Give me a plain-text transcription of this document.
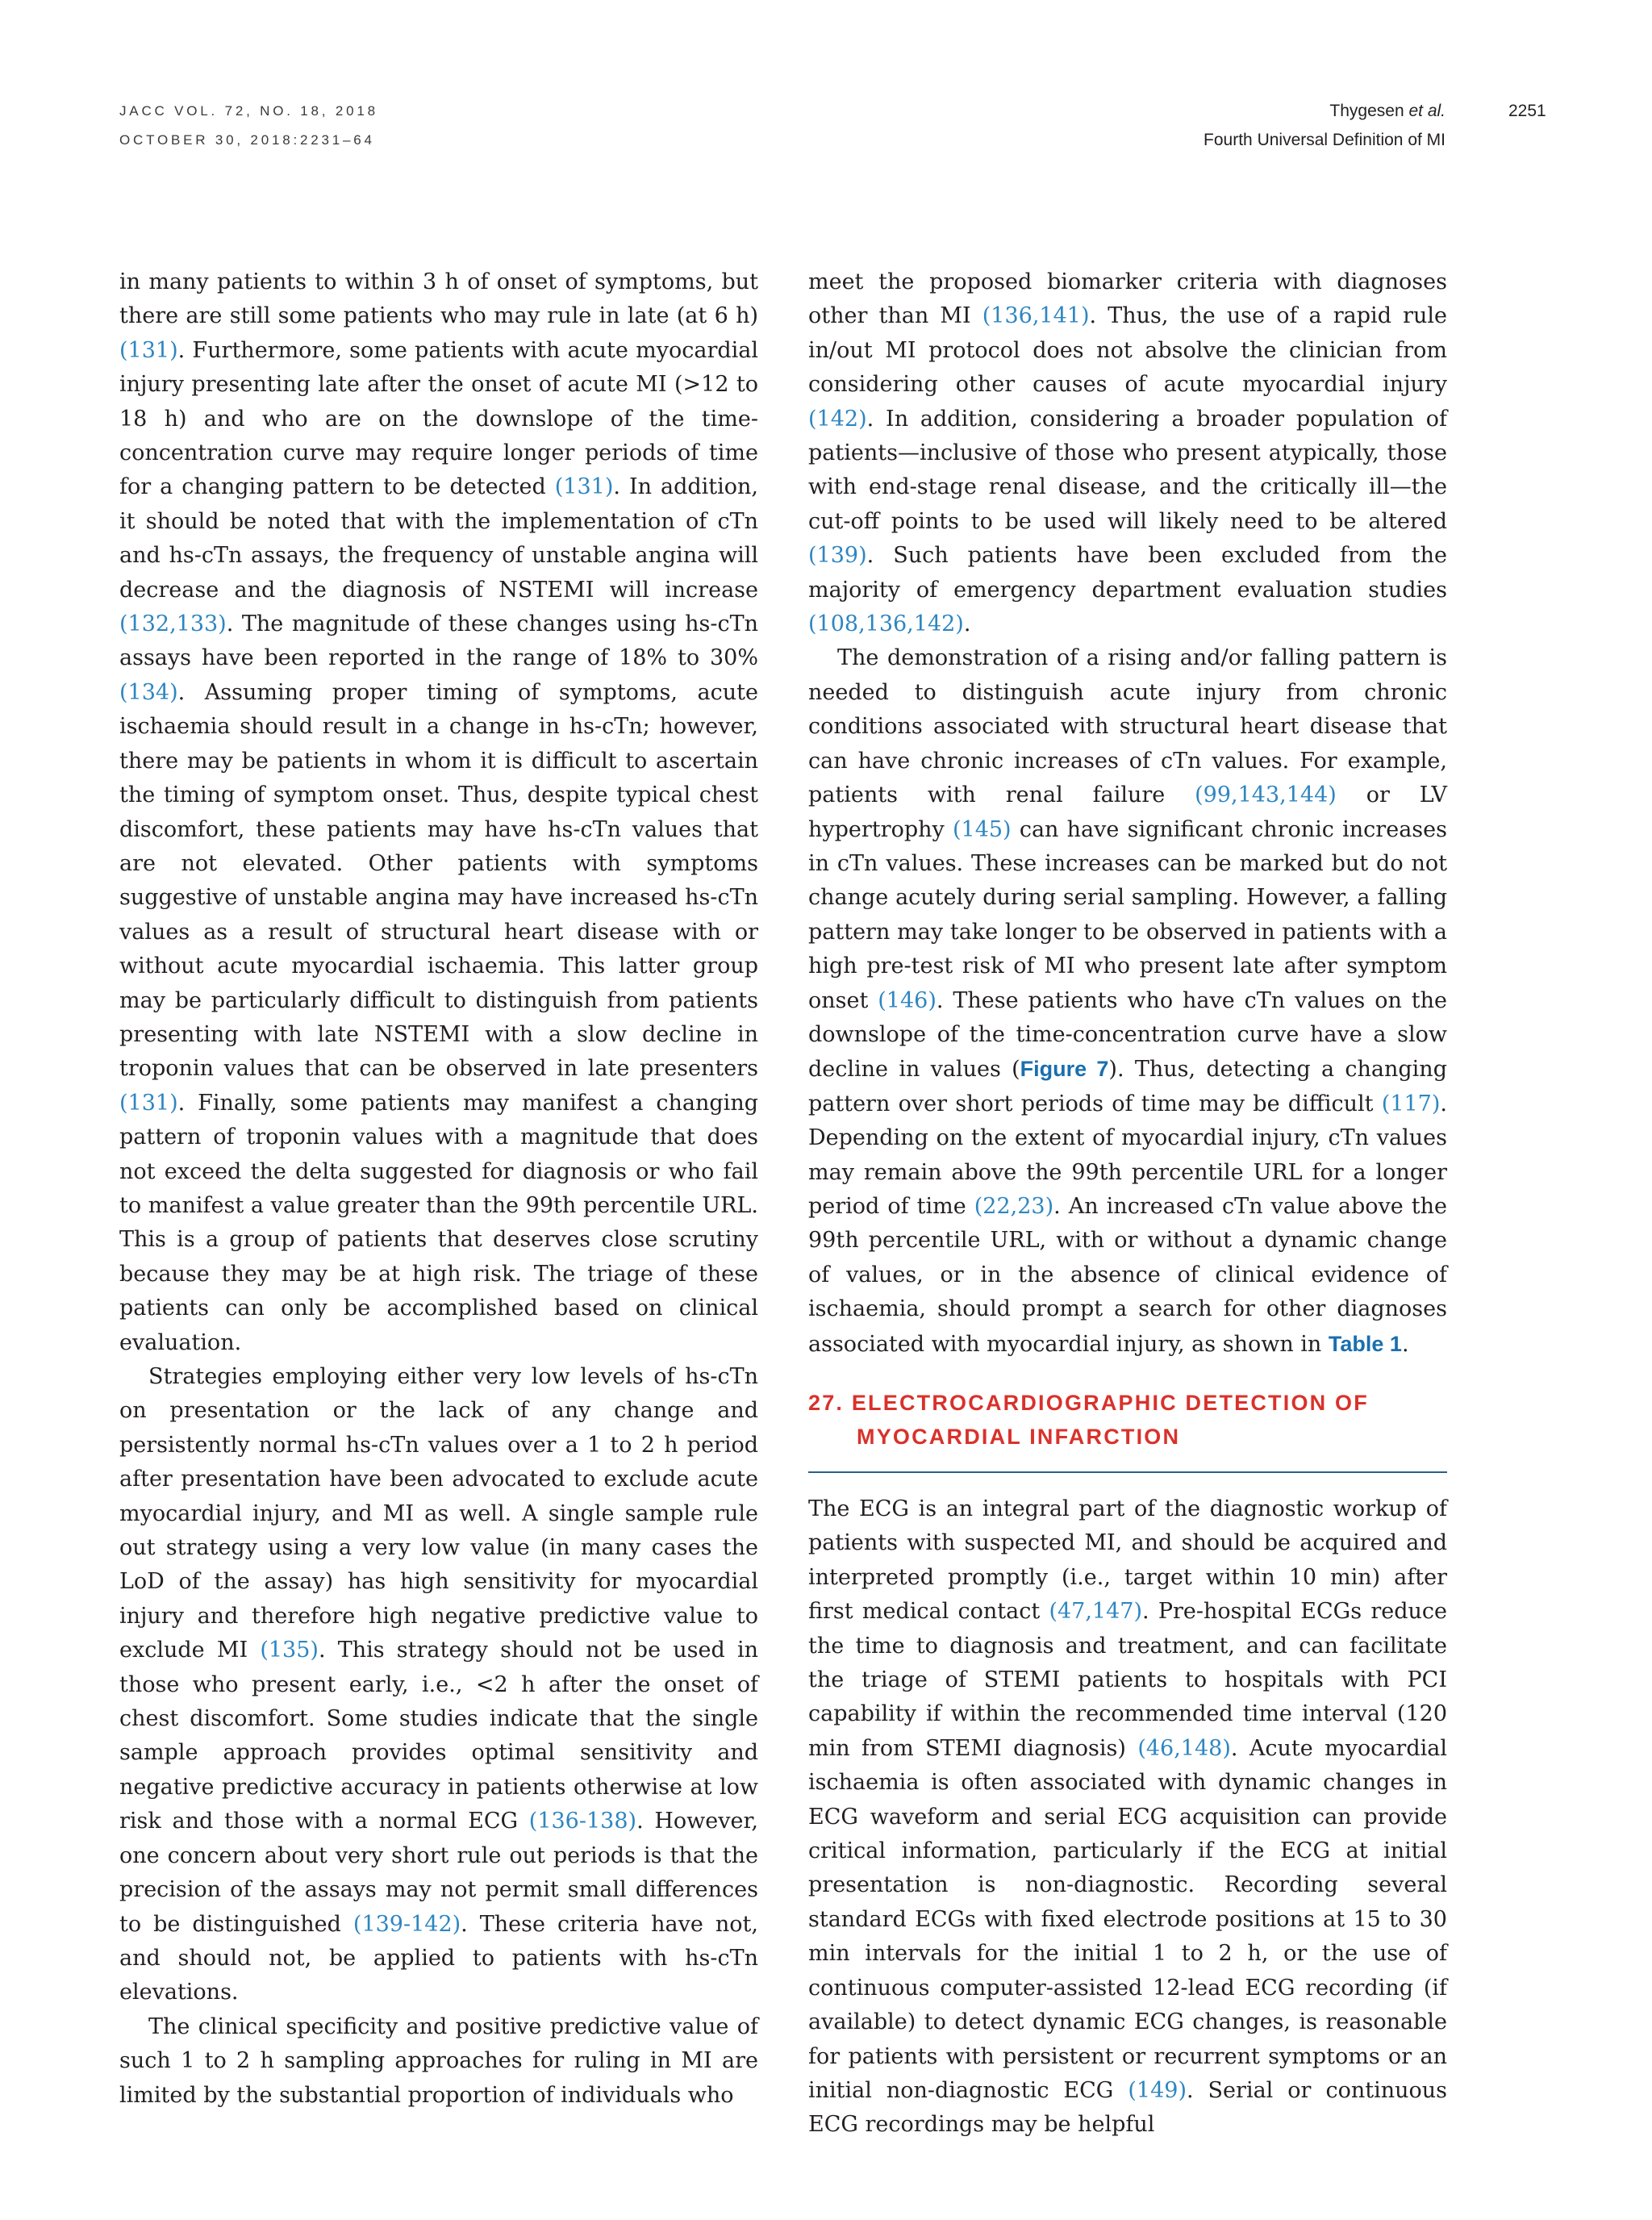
JACC VOL. 72, NO. 18, 2018
OCTOBER 30, 2018:2231–64
Thygesen et al.
Fourth Universal Definition of MI
2251

in many patients to within 3 h of onset of symptoms, but there are still some patients who may rule in late (at 6 h) (131). Furthermore, some patients with acute myocardial injury presenting late after the onset of acute MI (>12 to 18 h) and who are on the downslope of the time-concentration curve may require longer periods of time for a changing pattern to be detected (131). In addition, it should be noted that with the implementation of cTn and hs-cTn assays, the frequency of unstable angina will decrease and the diagnosis of NSTEMI will increase (132,133). The magnitude of these changes using hs-cTn assays have been reported in the range of 18% to 30% (134). Assuming proper timing of symptoms, acute ischaemia should result in a change in hs-cTn; however, there may be patients in whom it is difficult to ascertain the timing of symptom onset. Thus, despite typical chest discomfort, these patients may have hs-cTn values that are not elevated. Other patients with symptoms suggestive of unstable angina may have increased hs-cTn values as a result of structural heart disease with or without acute myocardial ischaemia. This latter group may be particularly difficult to distinguish from patients presenting with late NSTEMI with a slow decline in troponin values that can be observed in late presenters (131). Finally, some patients may manifest a changing pattern of troponin values with a magnitude that does not exceed the delta suggested for diagnosis or who fail to manifest a value greater than the 99th percentile URL. This is a group of patients that deserves close scrutiny because they may be at high risk. The triage of these patients can only be accomplished based on clinical evaluation.

Strategies employing either very low levels of hs-cTn on presentation or the lack of any change and persistently normal hs-cTn values over a 1 to 2 h period after presentation have been advocated to exclude acute myocardial injury, and MI as well. A single sample rule out strategy using a very low value (in many cases the LoD of the assay) has high sensitivity for myocardial injury and therefore high negative predictive value to exclude MI (135). This strategy should not be used in those who present early, i.e., <2 h after the onset of chest discomfort. Some studies indicate that the single sample approach provides optimal sensitivity and negative predictive accuracy in patients otherwise at low risk and those with a normal ECG (136-138). However, one concern about very short rule out periods is that the precision of the assays may not permit small differences to be distinguished (139-142). These criteria have not, and should not, be applied to patients with hs-cTn elevations.

The clinical specificity and positive predictive value of such 1 to 2 h sampling approaches for ruling in MI are limited by the substantial proportion of individuals who

meet the proposed biomarker criteria with diagnoses other than MI (136,141). Thus, the use of a rapid rule in/out MI protocol does not absolve the clinician from considering other causes of acute myocardial injury (142). In addition, considering a broader population of patients—inclusive of those who present atypically, those with end-stage renal disease, and the critically ill—the cut-off points to be used will likely need to be altered (139). Such patients have been excluded from the majority of emergency department evaluation studies (108,136,142).

The demonstration of a rising and/or falling pattern is needed to distinguish acute injury from chronic conditions associated with structural heart disease that can have chronic increases of cTn values. For example, patients with renal failure (99,143,144) or LV hypertrophy (145) can have significant chronic increases in cTn values. These increases can be marked but do not change acutely during serial sampling. However, a falling pattern may take longer to be observed in patients with a high pre-test risk of MI who present late after symptom onset (146). These patients who have cTn values on the downslope of the time-concentration curve have a slow decline in values (Figure 7). Thus, detecting a changing pattern over short periods of time may be difficult (117). Depending on the extent of myocardial injury, cTn values may remain above the 99th percentile URL for a longer period of time (22,23). An increased cTn value above the 99th percentile URL, with or without a dynamic change of values, or in the absence of clinical evidence of ischaemia, should prompt a search for other diagnoses associated with myocardial injury, as shown in Table 1.

27. ELECTROCARDIOGRAPHIC DETECTION OF
MYOCARDIAL INFARCTION

The ECG is an integral part of the diagnostic workup of patients with suspected MI, and should be acquired and interpreted promptly (i.e., target within 10 min) after first medical contact (47,147). Pre-hospital ECGs reduce the time to diagnosis and treatment, and can facilitate the triage of STEMI patients to hospitals with PCI capability if within the recommended time interval (120 min from STEMI diagnosis) (46,148). Acute myocardial ischaemia is often associated with dynamic changes in ECG waveform and serial ECG acquisition can provide critical information, particularly if the ECG at initial presentation is non-diagnostic. Recording several standard ECGs with fixed electrode positions at 15 to 30 min intervals for the initial 1 to 2 h, or the use of continuous computer-assisted 12-lead ECG recording (if available) to detect dynamic ECG changes, is reasonable for patients with persistent or recurrent symptoms or an initial non-diagnostic ECG (149). Serial or continuous ECG recordings may be helpful
